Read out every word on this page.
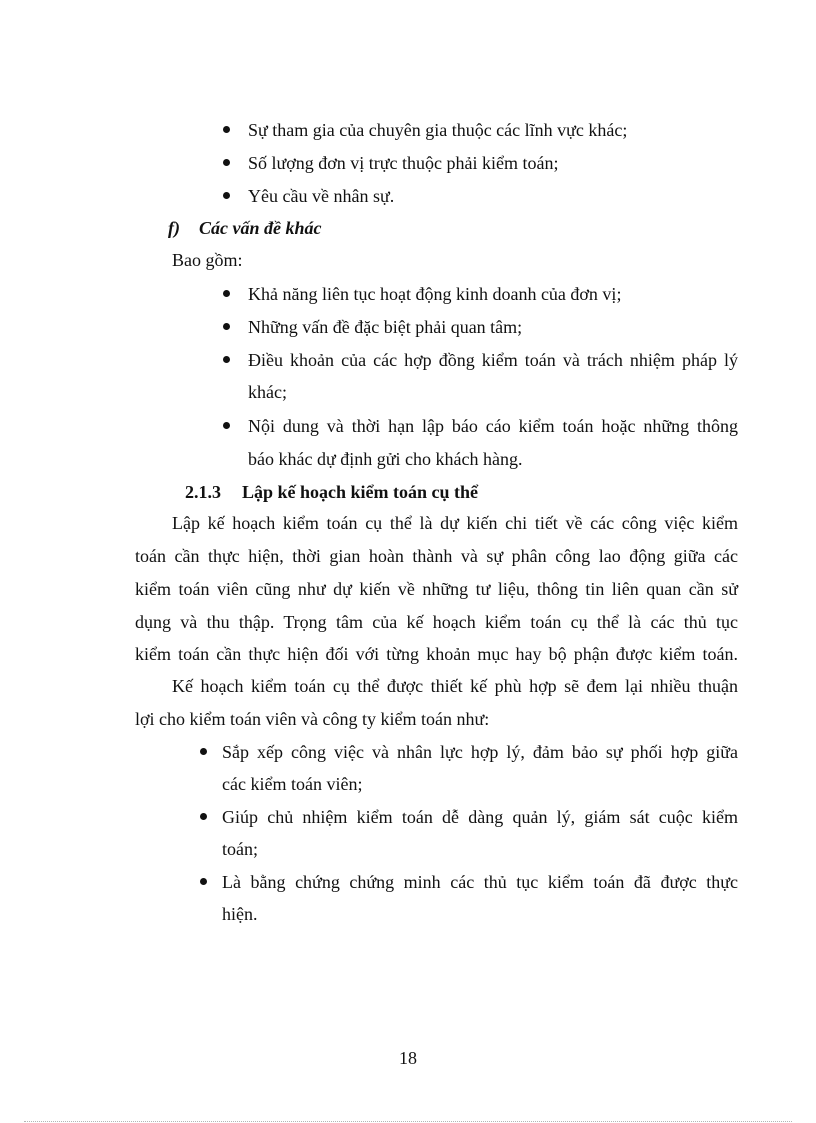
Sự tham gia của chuyên gia thuộc các lĩnh vực khác;
Số lượng đơn vị trực thuộc phải kiểm toán;
Yêu cầu về nhân sự.
f) Các vấn đề khác
Bao gồm:
Khả năng liên tục hoạt động kinh doanh của đơn vị;
Những vấn đề đặc biệt phải quan tâm;
Điều khoản của các hợp đồng kiểm toán và trách nhiệm pháp lý
khác;
Nội dung và thời hạn lập báo cáo kiểm toán hoặc những thông
báo khác dự định gửi cho khách hàng.
2.1.3 Lập kế hoạch kiểm toán cụ thể
Lập kế hoạch kiểm toán cụ thể là dự kiến chi tiết về các công việc kiểm
toán cần thực hiện, thời gian hoàn thành và sự phân công lao động giữa các
kiểm toán viên cũng như dự kiến về những tư liệu, thông tin liên quan cần sử
dụng và thu thập. Trọng tâm của kế hoạch kiểm toán cụ thể là các thủ tục
kiểm toán cần thực hiện đối với từng khoản mục hay bộ phận được kiểm toán.
Kế hoạch kiểm toán cụ thể được thiết kế phù hợp sẽ đem lại nhiều thuận
lợi cho kiểm toán viên và công ty kiểm toán như:
Sắp xếp công việc và nhân lực hợp lý, đảm bảo sự phối hợp giữa
các kiểm toán viên;
Giúp chủ nhiệm kiểm toán dễ dàng quản lý, giám sát cuộc kiểm
toán;
Là bằng chứng chứng minh các thủ tục kiểm toán đã được thực
hiện.
18
